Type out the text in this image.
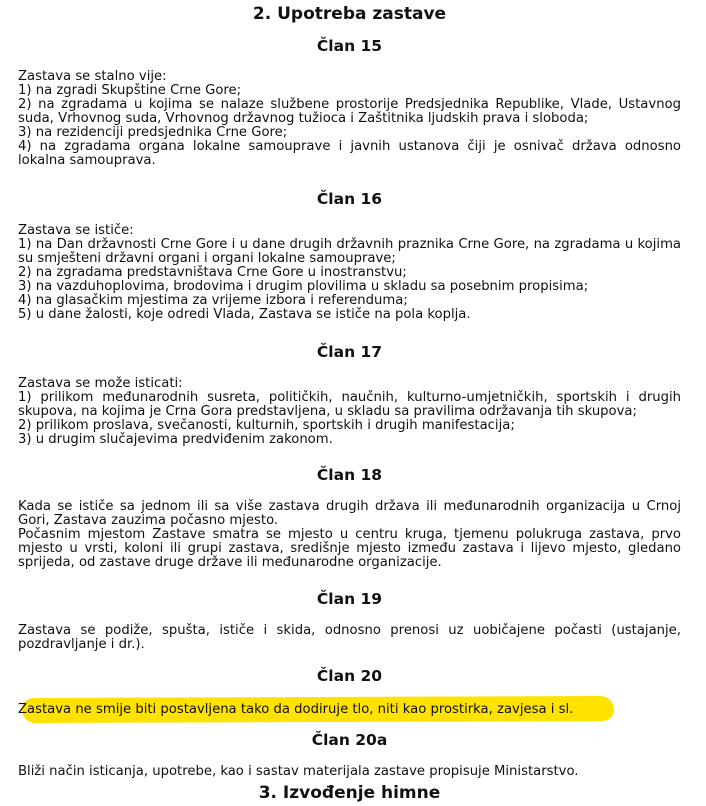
2. Upotreba zastave
Član 15

Zastava se stalno vije:

1) na zgradi Skupštine Crne Gore;

2) na zgradama u kojima se nalaze službene prostorije Predsjednika Republike, Vlade, Ustavnog suda, Vrhovnog suda, Vrhovnog državnog tužioca i Zaštitnika ljudskih prava i sloboda;

3) na rezidenciji predsjednika Crne Gore;

4) na zgradama organa lokalne samouprave i javnih ustanova čiji je osnivač država odnosno lokalna samouprava.

Član 16

Zastava se ističe:

1) na Dan državnosti Crne Gore i u dane drugih državnih praznika Crne Gore, na zgradama u kojima su smješteni državni organi i organi lokalne samouprave;

2) na zgradama predstavništava Crne Gore u inostranstvu;

3) na vazduhoplovima, brodovima i drugim plovilima u skladu sa posebnim propisima;

4) na glasačkim mjestima za vrijeme izbora i referenduma;

5) u dane žalosti, koje odredi Vlada, Zastava se ističe na pola koplja.

Član 17

Zastava se može isticati:

1) prilikom međunarodnih susreta, političkih, naučnih, kulturno-umjetničkih, sportskih i drugih skupova, na kojima je Crna Gora predstavljena, u skladu sa pravilima održavanja tih skupova;

2) prilikom proslava, svečanosti, kulturnih, sportskih i drugih manifestacija;

3) u drugim slučajevima predviđenim zakonom.

Član 18

Kada se ističe sa jednom ili sa više zastava drugih država ili međunarodnih organizacija u Crnoj Gori, Zastava zauzima počasno mjesto.

Počasnim mjestom Zastave smatra se mjesto u centru kruga, tjemenu polukruga zastava, prvo mjesto u vrsti, koloni ili grupi zastava, središnje mjesto između zastava i lijevo mjesto, gledano sprijeda, od zastave druge države ili međunarodne organizacije.

Član 19

Zastava se podiže, spušta, ističe i skida, odnosno prenosi uz uobičajene počasti (ustajanje, pozdravljanje i dr.).

Član 20
Zastava ne smije biti postavljena tako da dodiruje tlo, niti kao prostirka, zavjesa i sl.
Član 20a

Bliži način isticanja, upotrebe, kao i sastav materijala zastave propisuje Ministarstvo.

3. Izvođenje himne
